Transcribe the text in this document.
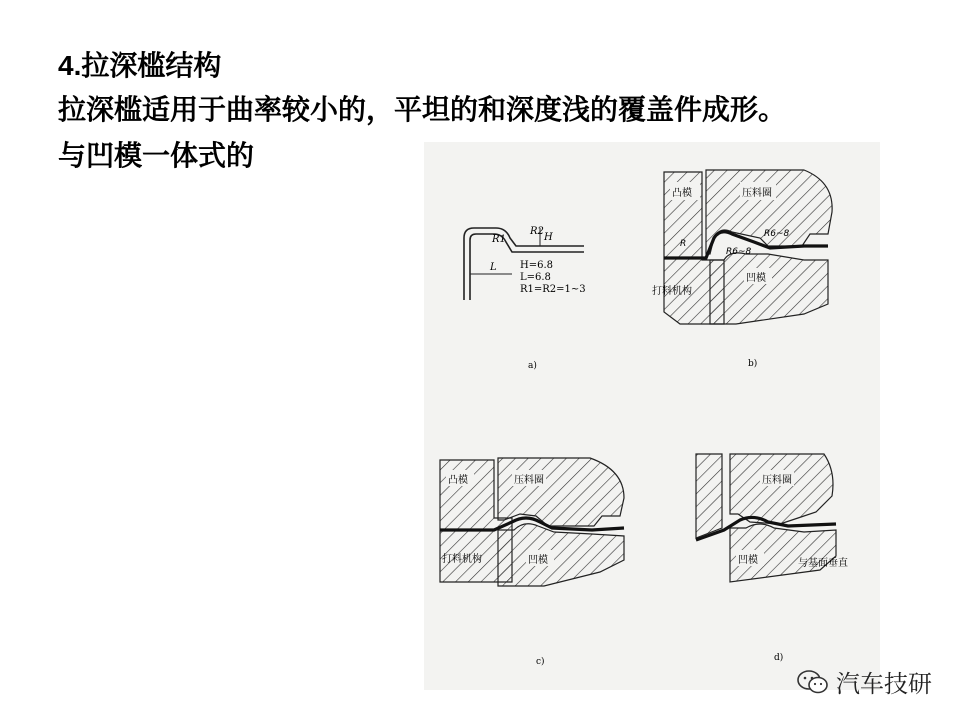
4.拉深槛结构
拉深槛适用于曲率较小的，平坦的和深度浅的覆盖件成形。
与凹模一体式的
R1
R2
H
L H=6.8
L=6.8
R1=R2=1~3
a)
凸模	压料圈
凹模
打料机构
R
R6~8
R6~8
b)
凸模	压料圈
凹模
打料机构
c)
压料圈
凹模	与基面垂直
d)
汽车技研
